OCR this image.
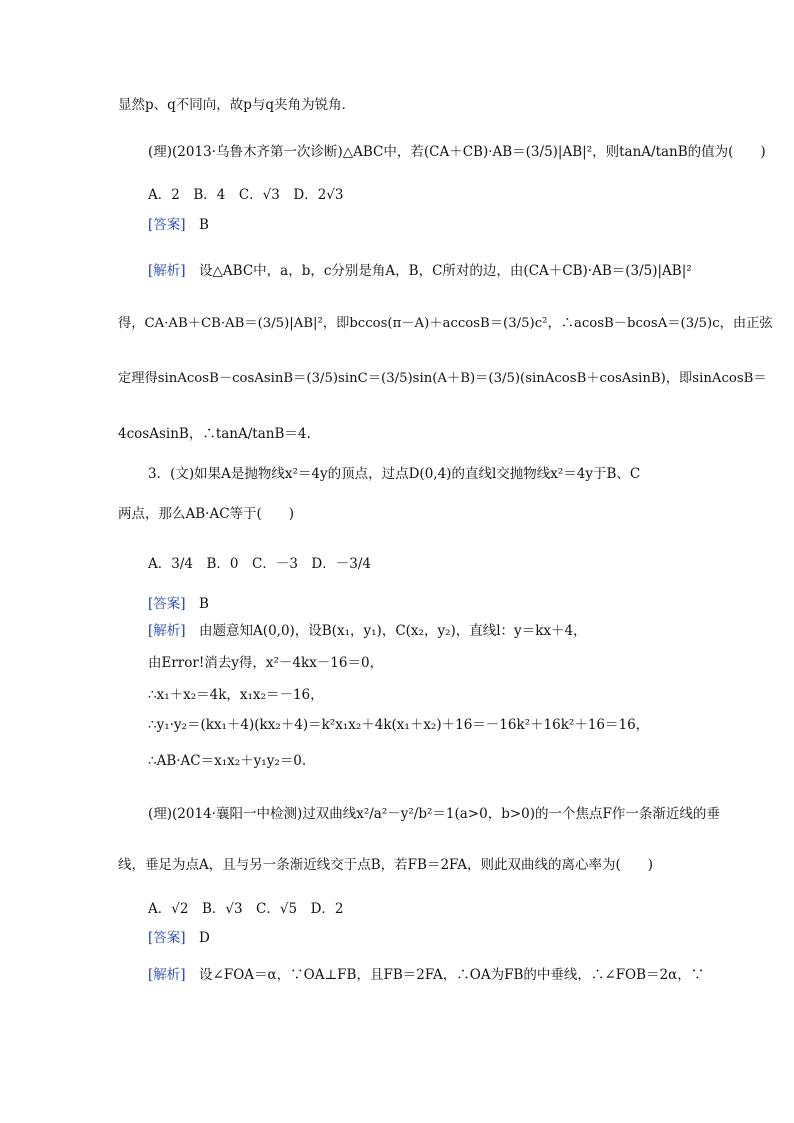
显然p、q不同向，故p与q夹角为锐角．
(理)(2013·乌鲁木齐第一次诊断)△ABC中，若(CA＋CB)·AB＝(3/5)|AB|²，则tanA/tanB的值为(　　)
A．2　B．4　C．√3　D．2√3
[答案]　B
[解析]　设△ABC中，a，b，c分别是角A，B，C所对的边，由(CA＋CB)·AB＝(3/5)|AB|²
得，CA·AB＋CB·AB＝(3/5)|AB|²，即bccos(π－A)＋accosB＝(3/5)c²，∴acosB－bcosA＝(3/5)c，由正弦
定理得sinAcosB－cosAsinB＝(3/5)sinC＝(3/5)sin(A＋B)＝(3/5)(sinAcosB＋cosAsinB)，即sinAcosB＝
4cosAsinB，∴tanA/tanB＝4.
3．(文)如果A是抛物线x²＝4y的顶点，过点D(0,4)的直线l交抛物线x²＝4y于B、C
两点，那么AB·AC等于(　　)
A．3/4　B．0　C．－3　D．－3/4
[答案]　B
[解析]　由题意知A(0,0)，设B(x₁，y₁)，C(x₂，y₂)，直线l：y＝kx＋4，
由Error!消去y得，x²－4kx－16＝0，
∴x₁＋x₂＝4k，x₁x₂＝－16，
∴y₁·y₂＝(kx₁＋4)(kx₂＋4)＝k²x₁x₂＋4k(x₁＋x₂)＋16＝－16k²＋16k²＋16＝16，
∴AB·AC＝x₁x₂＋y₁y₂＝0.
(理)(2014·襄阳一中检测)过双曲线x²/a²－y²/b²＝1(a>0，b>0)的一个焦点F作一条渐近线的垂
线，垂足为点A，且与另一条渐近线交于点B，若FB＝2FA，则此双曲线的离心率为(　　)
A．√2　B．√3　C．√5　D．2
[答案]　D
[解析]　设∠FOA＝α，∵OA⊥FB，且FB＝2FA，∴OA为FB的中垂线，∴∠FOB＝2α，∵
